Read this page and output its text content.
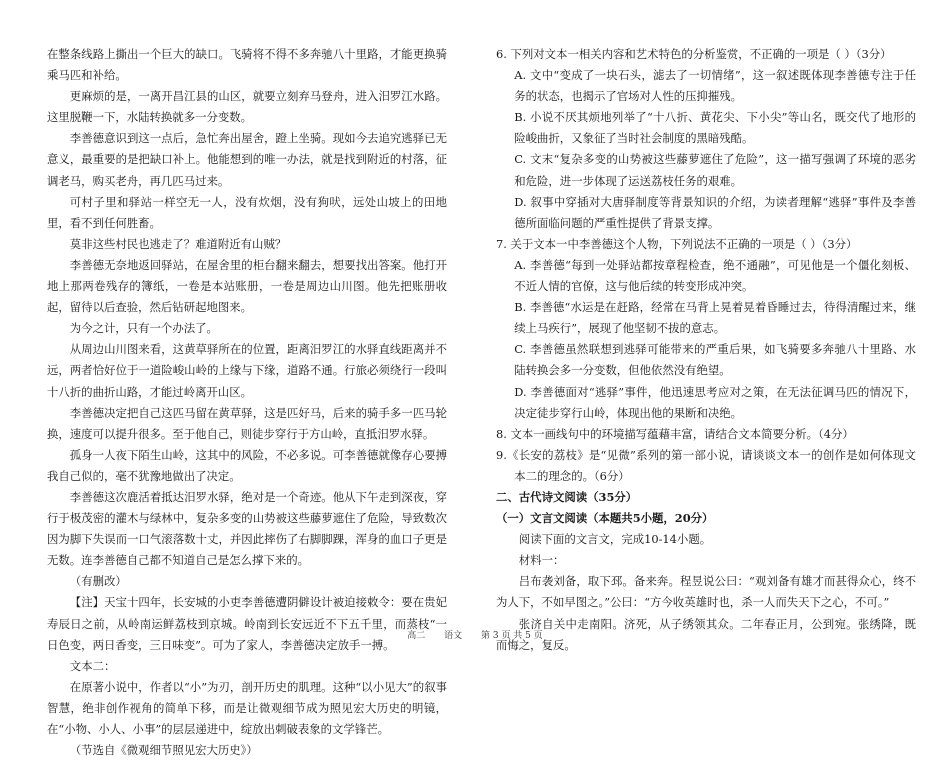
在整条线路上撕出一个巨大的缺口。飞骑将不得不多奔驰八十里路，才能更换骑乘马匹和补给。

更麻烦的是，一离开昌江县的山区，就要立刻弃马登舟，进入汨罗江水路。这里脱鞭一下，水陆转换就多一分变数。

李善德意识到这一点后，急忙奔出屋舍，蹬上坐骑。现如今去追究逃驿已无意义，最重要的是把缺口补上。他能想到的唯一办法，就是找到附近的村落，征调老马，购买老舟，再几匹马过来。

可村子里和驿站一样空无一人，没有炊烟，没有狗吠，远处山坡上的田地里，看不到任何胜畜。

莫非这些村民也逃走了？难道附近有山贼？

李善德无奈地返回驿站，在屋舍里的柜台翻来翻去，想要找出答案。他打开地上那两卷残存的簿纸，一卷是本站账册，一卷是周边山川图。他先把账册收起，留待以后查验，然后钻研起地图来。

为今之计，只有一个办法了。

从周边山川图来看，这黄草驿所在的位置，距离汨罗江的水驿直线距离并不远，两者恰好位于一道险峻山岭的上缘与下缘，道路不通。行旅必须绕行一段叫十八折的曲折山路，才能过岭离开山区。

李善德决定把自己这匹马留在黄草驿，这是匹好马，后来的骑手多一匹马轮换，速度可以提升很多。至于他自己，则徒步穿行于方山岭，直抵汨罗水驿。

孤身一人夜下陌生山岭，这其中的风险，不必多说。可李善德就像存心要搏我自己似的，毫不犹豫地做出了决定。

李善德这次鹿活着抵达汨罗水驿，绝对是一个奇迹。他从下午走到深夜，穿行于极茂密的灌木与绿林中，复杂多变的山势被这些藤萝遮住了危险，导致数次因为脚下失误而一口气滚落数十丈，并因此摔伤了右脚脚踝，浑身的血口子更是无数。连李善德自己都不知道自己是怎么撑下来的。

（有删改）

【注】天宝十四年，长安城的小吏李善德遭阴僻设计被迫接敕令：要在贵妃寿辰日之前，从岭南运鲜荔枝到京城。岭南到长安远近不下五千里，而蒸枝“一日色变，两日香变，三日味变”。可为了家人，李善德决定放手一搏。

文本二：

在原著小说中，作者以“小”为刃，剖开历史的肌理。这种“以小见大”的叙事智慧，绝非创作视角的简单下移，而是让微观细节成为照见宏大历史的明镜，在“小物、小人、小事”的层层递进中，绽放出刺破表象的文学锋芒。

（节选自《微观细节照见宏大历史》）

6. 下列对文本一相关内容和艺术特色的分析鉴赏，不正确的一项是（ ）（3分）

A. 文中“变成了一块石头，滤去了一切情绪”，这一叙述既体现李善德专注于任务的状态，也揭示了官场对人性的压抑摧残。

B. 小说不厌其烦地列举了“十八折、黄花尖、下小尖”等山名，既交代了地形的险峻曲折，又象征了当时社会制度的黑暗残酷。

C. 文末“复杂多变的山势被这些藤萝遮住了危险”，这一描写强调了环境的恶劣和危险，进一步体现了运送荔枝任务的艰难。

D. 叙事中穿插对大唐驿制度等背景知识的介绍，为读者理解“逃驿”事件及李善德所面临问题的严重性提供了背景支撑。

7. 关于文本一中李善德这个人物，下列说法不正确的一项是（ ）（3分）

A. 李善德“每到一处驿站都按章程检查，绝不通融”，可见他是一个僵化刻板、不近人情的官僚，这与他后续的转变形成冲突。

B. 李善德“水运是在赶路，经常在马背上晃着晃着昏睡过去，待得清醒过来，继续上马疾行”，展现了他坚韧不拔的意志。

C. 李善德虽然联想到逃驿可能带来的严重后果，如飞骑要多奔驰八十里路、水陆转换会多一分变数，但他依然没有绝望。

D. 李善德面对“逃驿”事件，他迅速思考应对之策，在无法征调马匹的情况下，决定徒步穿行山岭，体现出他的果断和决绝。

8. 文本一画线句中的环境描写蕴藉丰富，请结合文本简要分析。（4分）

9.《长安的荔枝》是“见微”系列的第一部小说，请谈谈文本一的创作是如何体现文本二的理念的。（6分）

二、古代诗文阅读（35分）

（一）文言文阅读（本题共5小题，20分）

阅读下面的文言文，完成10-14小题。

材料一：

吕布袭刘备，取下邳。备来奔。程昱说公曰：“观刘备有雄才而甚得众心，终不为人下，不如早图之。”公曰：“方今收英雄时也，杀一人而失天下之心，不可。”

张济自关中走南阳。济死，从子绣领其众。二年春正月，公到宛。张绣降，既而悔之，复反。

高二 语文 第 3 页 共 5 页
